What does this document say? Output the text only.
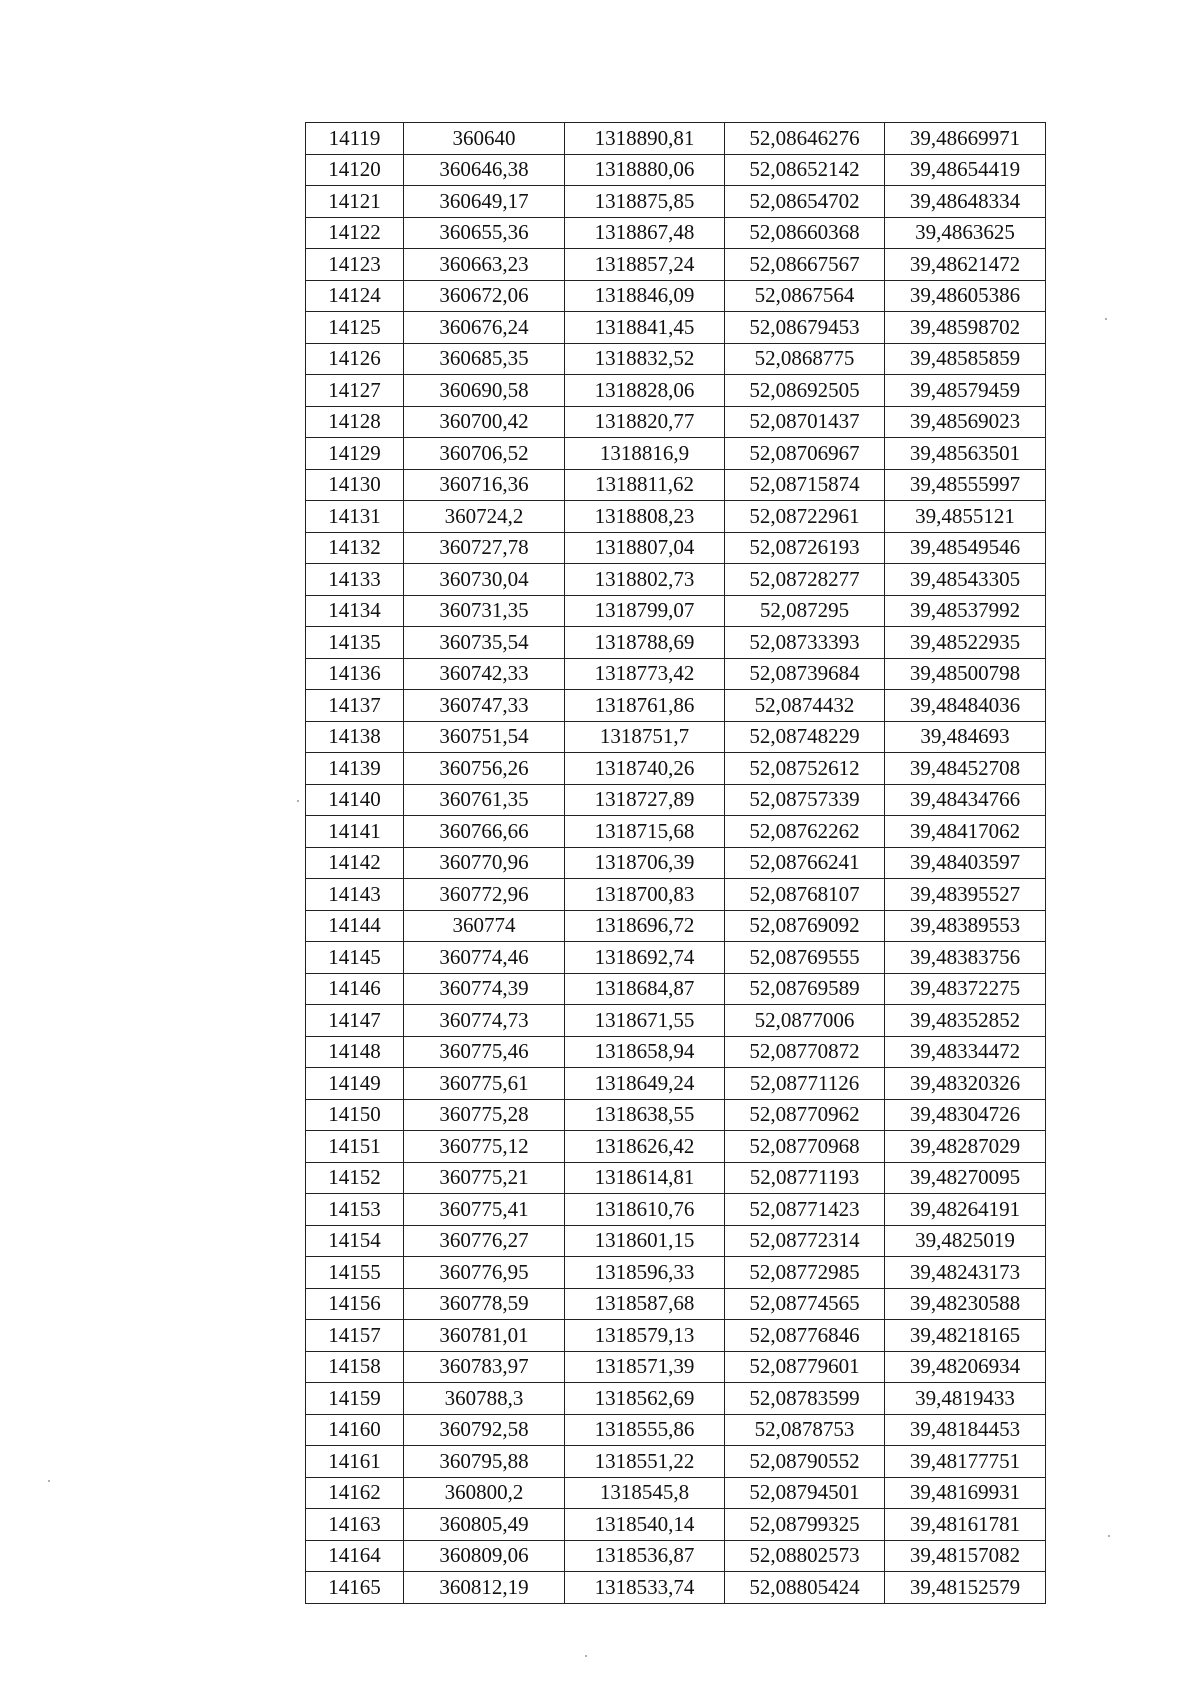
14119	360640	1318890,81	52,08646276	39,48669971
14120	360646,38	1318880,06	52,08652142	39,48654419
14121	360649,17	1318875,85	52,08654702	39,48648334
14122	360655,36	1318867,48	52,08660368	39,4863625
14123	360663,23	1318857,24	52,08667567	39,48621472
14124	360672,06	1318846,09	52,0867564	39,48605386
14125	360676,24	1318841,45	52,08679453	39,48598702
14126	360685,35	1318832,52	52,0868775	39,48585859
14127	360690,58	1318828,06	52,08692505	39,48579459
14128	360700,42	1318820,77	52,08701437	39,48569023
14129	360706,52	1318816,9	52,08706967	39,48563501
14130	360716,36	1318811,62	52,08715874	39,48555997
14131	360724,2	1318808,23	52,08722961	39,4855121
14132	360727,78	1318807,04	52,08726193	39,48549546
14133	360730,04	1318802,73	52,08728277	39,48543305
14134	360731,35	1318799,07	52,087295	39,48537992
14135	360735,54	1318788,69	52,08733393	39,48522935
14136	360742,33	1318773,42	52,08739684	39,48500798
14137	360747,33	1318761,86	52,0874432	39,48484036
14138	360751,54	1318751,7	52,08748229	39,484693
14139	360756,26	1318740,26	52,08752612	39,48452708
14140	360761,35	1318727,89	52,08757339	39,48434766
14141	360766,66	1318715,68	52,08762262	39,48417062
14142	360770,96	1318706,39	52,08766241	39,48403597
14143	360772,96	1318700,83	52,08768107	39,48395527
14144	360774	1318696,72	52,08769092	39,48389553
14145	360774,46	1318692,74	52,08769555	39,48383756
14146	360774,39	1318684,87	52,08769589	39,48372275
14147	360774,73	1318671,55	52,0877006	39,48352852
14148	360775,46	1318658,94	52,08770872	39,48334472
14149	360775,61	1318649,24	52,08771126	39,48320326
14150	360775,28	1318638,55	52,08770962	39,48304726
14151	360775,12	1318626,42	52,08770968	39,48287029
14152	360775,21	1318614,81	52,08771193	39,48270095
14153	360775,41	1318610,76	52,08771423	39,48264191
14154	360776,27	1318601,15	52,08772314	39,4825019
14155	360776,95	1318596,33	52,08772985	39,48243173
14156	360778,59	1318587,68	52,08774565	39,48230588
14157	360781,01	1318579,13	52,08776846	39,48218165
14158	360783,97	1318571,39	52,08779601	39,48206934
14159	360788,3	1318562,69	52,08783599	39,4819433
14160	360792,58	1318555,86	52,0878753	39,48184453
14161	360795,88	1318551,22	52,08790552	39,48177751
14162	360800,2	1318545,8	52,08794501	39,48169931
14163	360805,49	1318540,14	52,08799325	39,48161781
14164	360809,06	1318536,87	52,08802573	39,48157082
14165	360812,19	1318533,74	52,08805424	39,48152579
